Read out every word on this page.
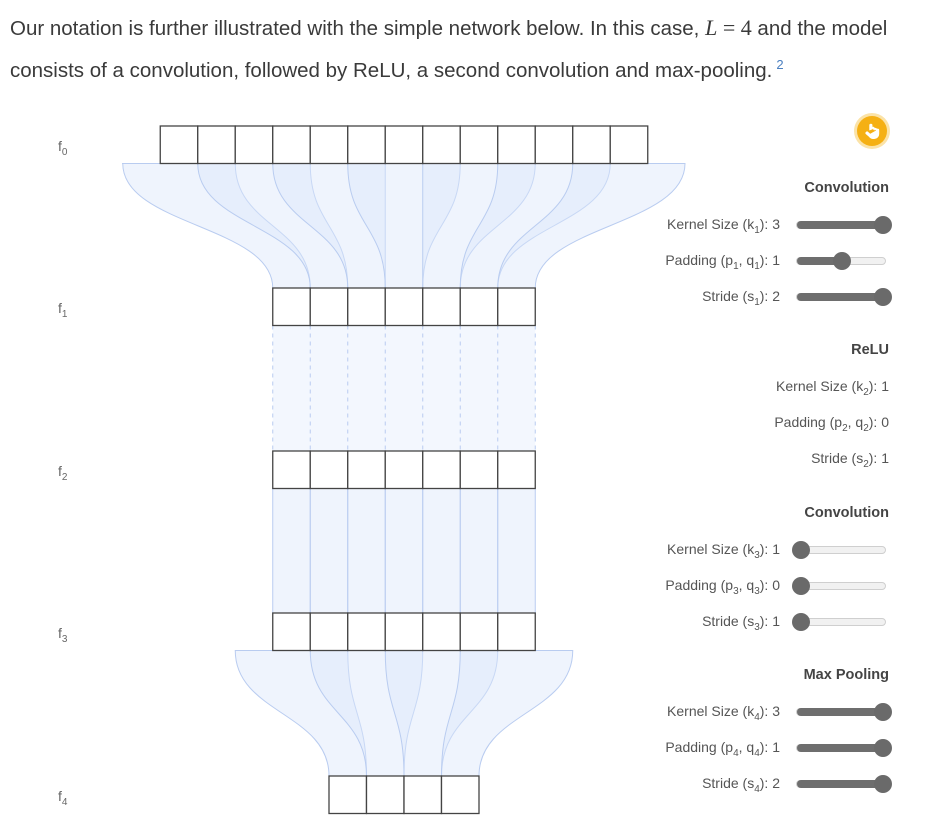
Our notation is further illustrated with the simple network below. In this case, L = 4 and the model consists of a convolution, followed by ReLU, a second convolution and max-pooling. $^2$
$f_0$
$f_1$
$f_2$
$f_3$
$f_4$
Convolution
Kernel Size $(k_1)$: 3
Padding ($p_1$, $q_1$): 1
Stride $(s_1)$: 2
ReLU
Kernel Size $(k_2)$: 1
Padding ($p_2$, $q_2$): 0
Stride $(s_2)$: 1
Convolution
Kernel Size $(k_3)$: 1
Padding ($p_3$, $q_3$): 0
Stride $(s_3)$: 1
Max Pooling
Kernel Size $(k_4)$: 3
Padding ($p_4$, $q_4$): 1
Stride $(s_4)$: 2
